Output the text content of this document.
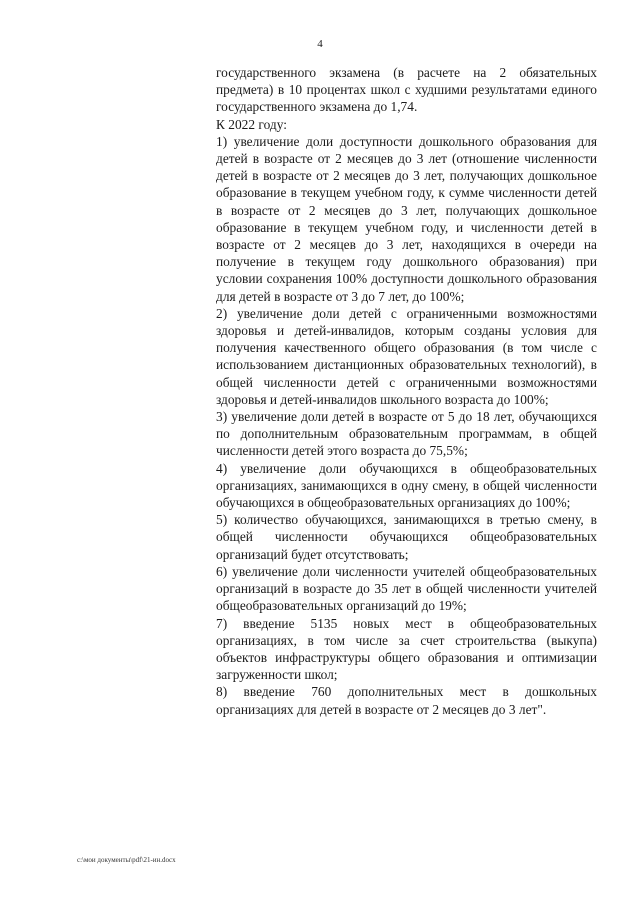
4

государственного экзамена (в расчете на 2 обязательных предмета) в 10 процентах школ с худшими результатами единого государственного экзамена до 1,74.

К 2022 году:

1) увеличение доли доступности дошкольного образования для детей в возрасте от 2 месяцев до 3 лет (отношение численности детей в возрасте от 2 месяцев до 3 лет, получающих дошкольное образование в текущем учебном году, к сумме численности детей в возрасте от 2 месяцев до 3 лет, получающих дошкольное образование в текущем учебном году, и численности детей в возрасте от 2 месяцев до 3 лет, находящихся в очереди на получение в текущем году дошкольного образования) при условии сохранения 100% доступности дошкольного образования для детей в возрасте от 3 до 7 лет, до 100%;

2) увеличение доли детей с ограниченными возможностями здоровья и детей-инвалидов, которым созданы условия для получения качественного общего образования (в том числе с использованием дистанционных образовательных технологий), в общей численности детей с ограниченными возможностями здоровья и детей-инвалидов школьного возраста до 100%;

3) увеличение доли детей в возрасте от 5 до 18 лет, обучающихся по дополнительным образовательным программам, в общей численности детей этого возраста до 75,5%;

4) увеличение доли обучающихся в общеобразовательных организациях, занимающихся в одну смену, в общей численности обучающихся в общеобразовательных организациях до 100%;

5) количество обучающихся, занимающихся в третью смену, в общей численности обучающихся общеобразовательных организаций будет отсутствовать;

6) увеличение доли численности учителей общеобразовательных организаций в возрасте до 35 лет в общей численности учителей общеобразовательных организаций до 19%;

7) введение 5135 новых мест в общеобразовательных организациях, в том числе за счет строительства (выкупа) объектов инфраструктуры общего образования и оптимизации загруженности школ;

8) введение 760 дополнительных мест в дошкольных организациях для детей в возрасте от 2 месяцев до 3 лет".

c:\мои документы\pdf\21-ин.docx
